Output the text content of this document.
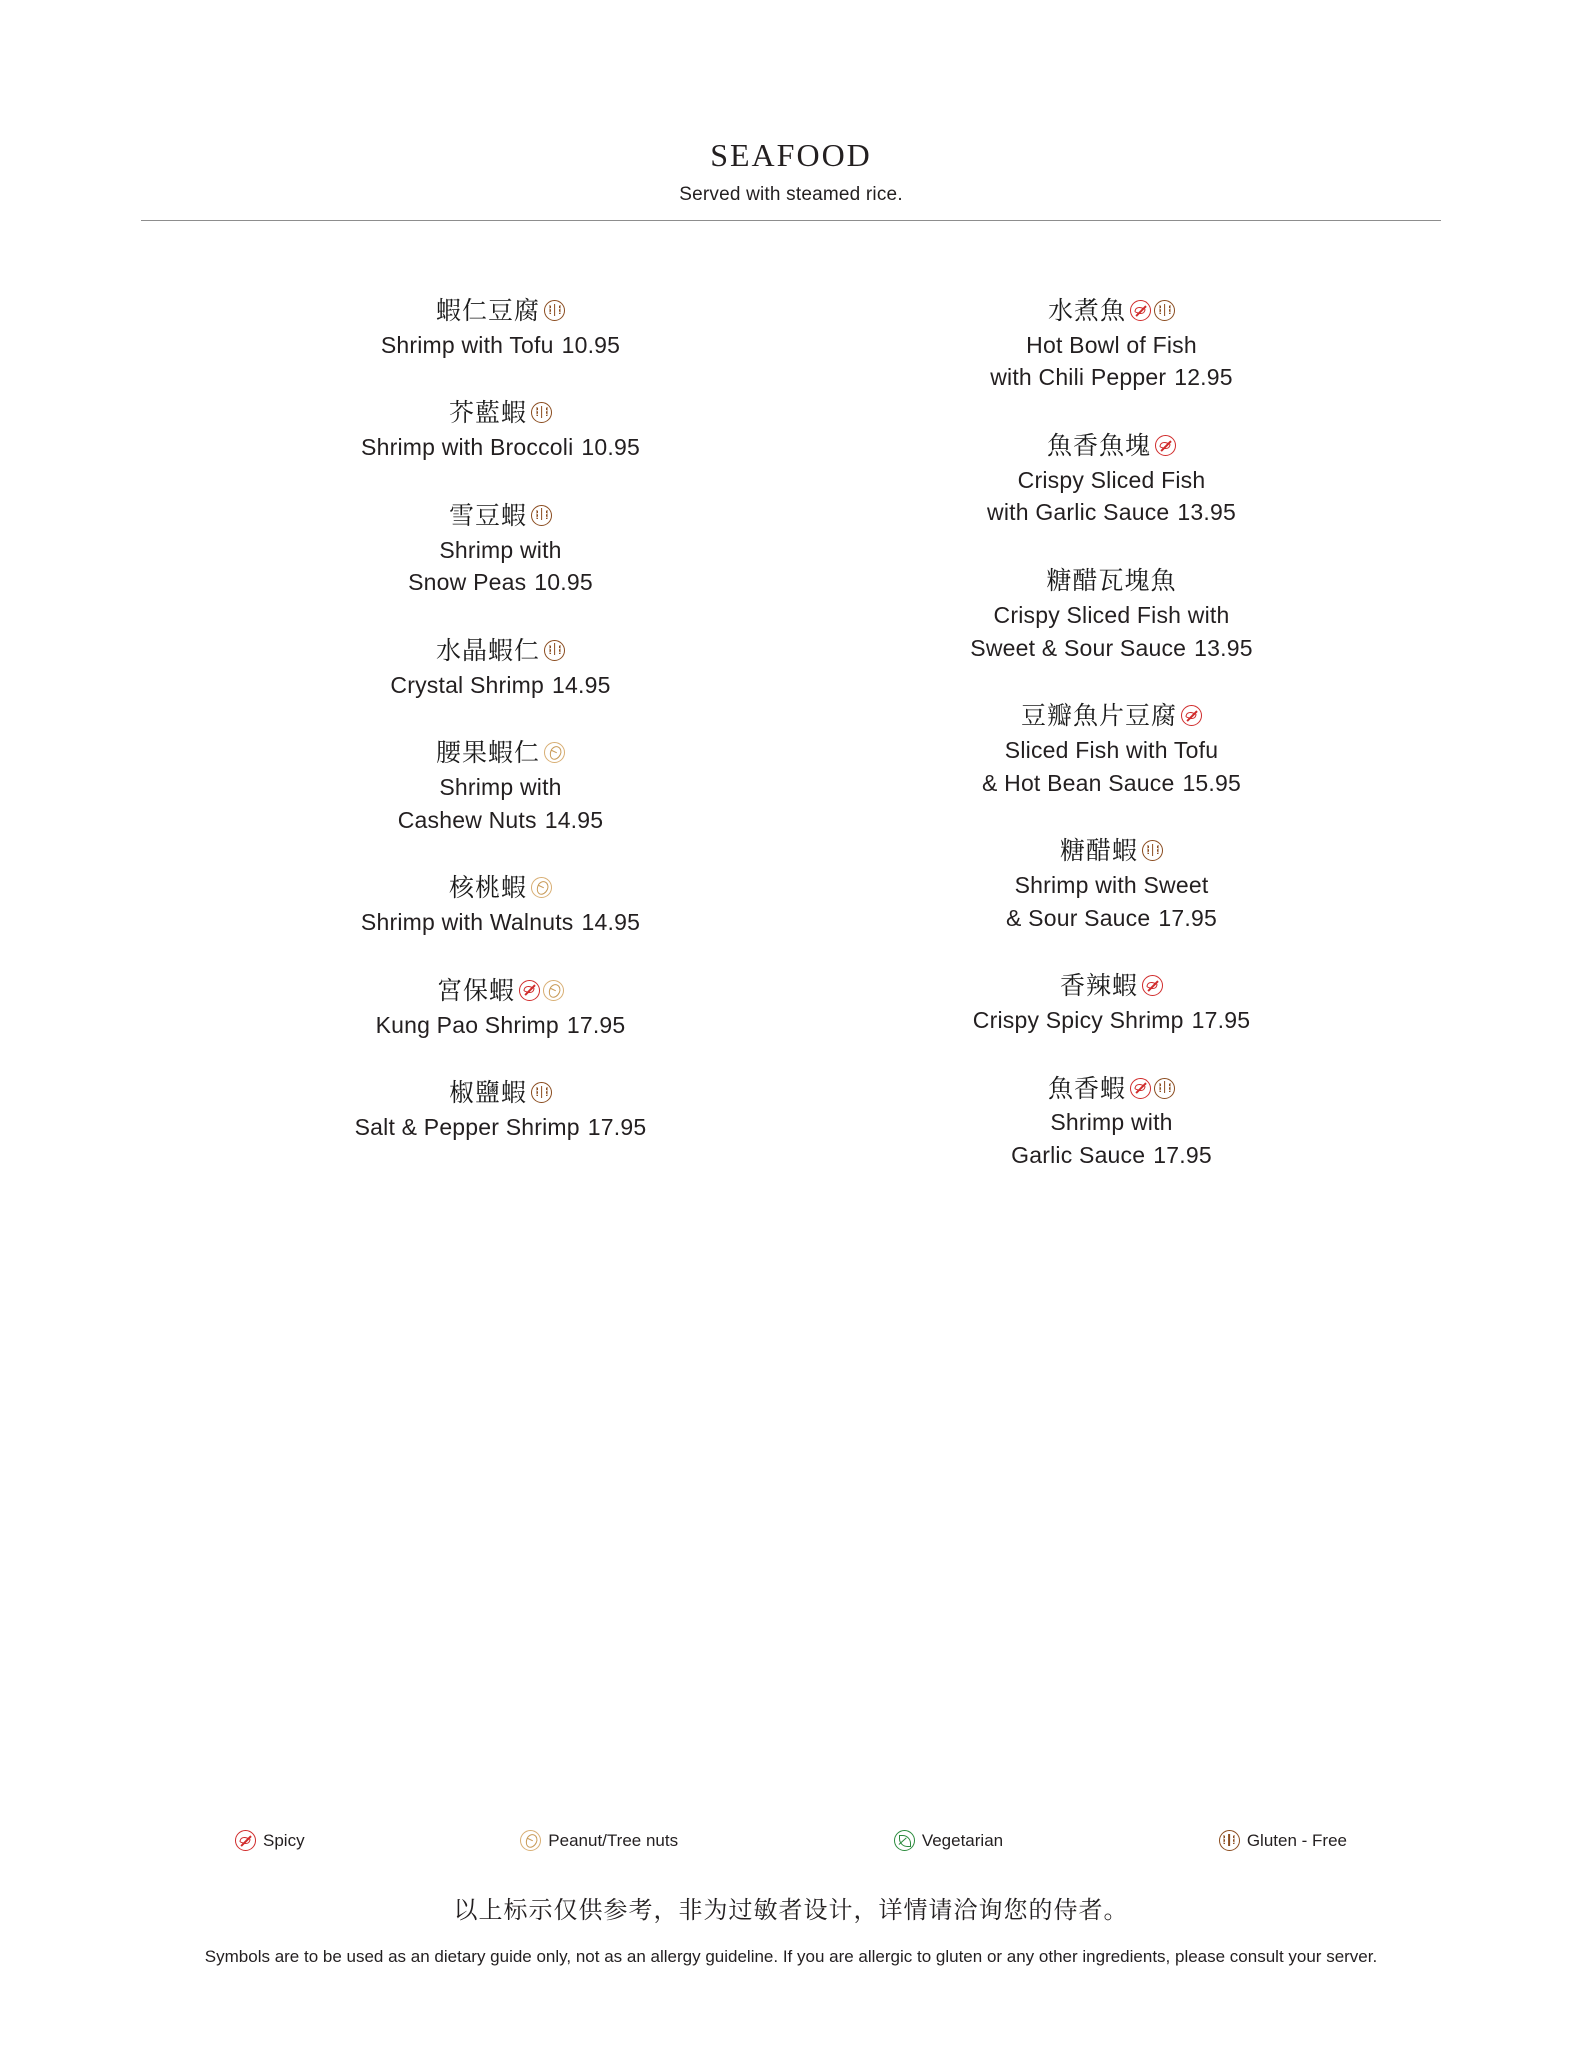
seafood
Served with steamed rice.
蝦仁豆腐
Shrimp with Tofu 10.95
芥藍蝦
Shrimp with Broccoli 10.95
雪豆蝦
Shrimp with
Snow Peas 10.95
水晶蝦仁
Crystal Shrimp 14.95
腰果蝦仁
Shrimp with
Cashew Nuts 14.95
核桃蝦
Shrimp with Walnuts 14.95
宮保蝦
Kung Pao Shrimp 17.95
椒鹽蝦
Salt & Pepper Shrimp 17.95
水煮魚
Hot Bowl of Fish
with Chili Pepper 12.95
魚香魚塊
Crispy Sliced Fish
with Garlic Sauce 13.95
糖醋瓦塊魚
Crispy Sliced Fish with
Sweet & Sour Sauce 13.95
豆瓣魚片豆腐
Sliced Fish with Tofu
& Hot Bean Sauce 15.95
糖醋蝦
Shrimp with Sweet
& Sour Sauce 17.95
香辣蝦
Crispy Spicy Shrimp 17.95
魚香蝦
Shrimp with
Garlic Sauce 17.95
Spicy	Peanut/Tree nuts	Vegetarian	Gluten - Free
以上标示仅供参考，非为过敏者设计，详情请洽询您的侍者。
Symbols are to be used as an dietary guide only, not as an allergy guideline. If you are allergic to gluten or any other ingredients, please consult your server.
